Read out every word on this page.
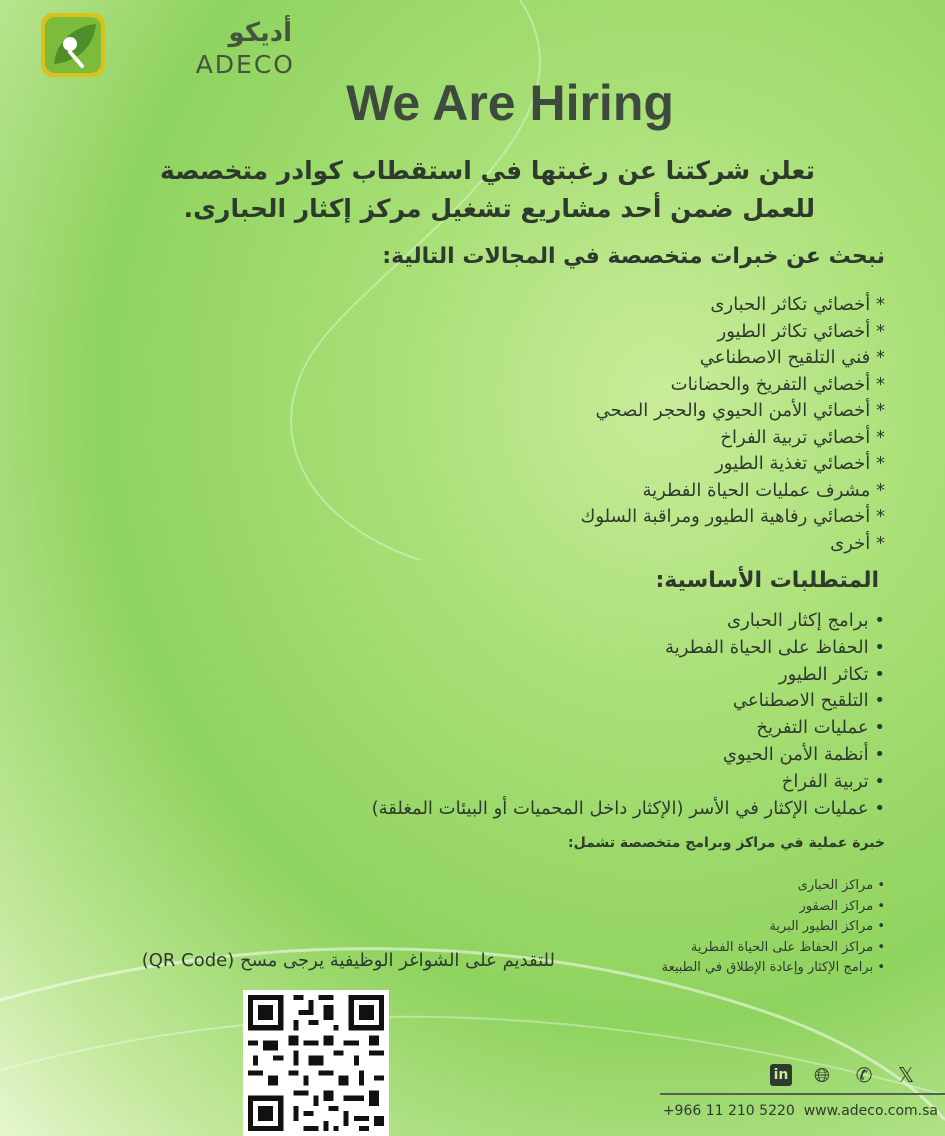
أديكو
ADECO
We Are Hiring
تعلن شركتنا عن رغبتها في استقطاب كوادر متخصصة
للعمل ضمن أحد مشاريع تشغيل مركز إكثار الحبارى.
نبحث عن خبرات متخصصة في المجالات التالية:
* أخصائي تكاثر الحبارى
* أخصائي تكاثر الطيور
* فني التلقيح الاصطناعي
* أخصائي التفريخ والحضانات
* أخصائي الأمن الحيوي والحجر الصحي
* أخصائي تربية الفراخ
* أخصائي تغذية الطيور
* مشرف عمليات الحياة الفطرية
* أخصائي رفاهية الطيور ومراقبة السلوك
* أخرى
المتطلبات الأساسية:
• برامج إكثار الحبارى
• الحفاظ على الحياة الفطرية
• تكاثر الطيور
• التلقيح الاصطناعي
• عمليات التفريخ
• أنظمة الأمن الحيوي
• تربية الفراخ
• عمليات الإكثار في الأسر (الإكثار داخل المحميات أو البيئات المغلقة)
خبرة عملية في مراكز وبرامج متخصصة تشمل:
• مراكز الحبارى
• مراكز الصقور
• مراكز الطيور البرية
• مراكز الحفاظ على الحياة الفطرية
• برامج الإكثار وإعادة الإطلاق في الطبيعة
للتقديم على الشواغر الوظيفية يرجى مسح (QR Code)
in 🌐︎ ✆ 𝕏
+966 11 210 5220 www.adeco.com.sa
